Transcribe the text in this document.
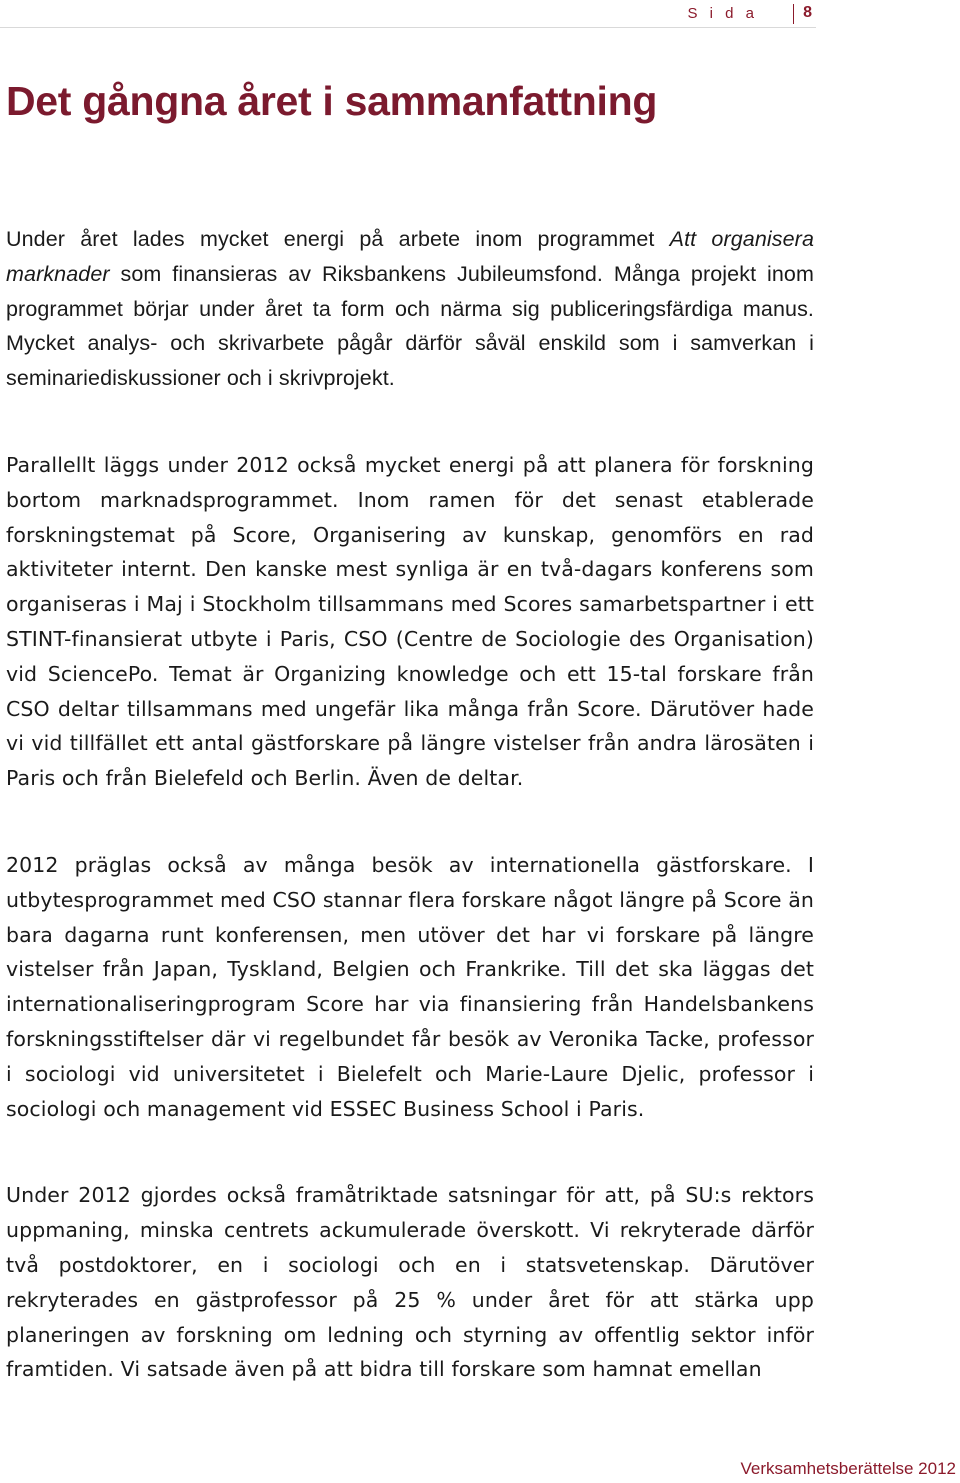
S i d a	8
Det gångna året i sammanfattning

Under året lades mycket energi på arbete inom programmet Att organisera marknader som finansieras av Riksbankens Jubileumsfond. Många projekt inom programmet börjar under året ta form och närma sig publiceringsfärdiga manus. Mycket analys- och skrivarbete pågår därför såväl enskild som i samverkan i seminariediskussioner och i skrivprojekt.

Parallellt läggs under 2012 också mycket energi på att planera för forskning bortom marknadsprogrammet. Inom ramen för det senast etablerade forskningstemat på Score, Organisering av kunskap, genomförs en rad aktiviteter internt. Den kanske mest synliga är en två-dagars konferens som organiseras i Maj i Stockholm tillsammans med Scores samarbetspartner i ett STINT-finansierat utbyte i Paris, CSO (Centre de Sociologie des Organisation) vid SciencePo. Temat är Organizing knowledge och ett 15-tal forskare från CSO deltar tillsammans med ungefär lika många från Score. Därutöver hade vi vid tillfället ett antal gästforskare på längre vistelser från andra lärosäten i Paris och från Bielefeld och Berlin. Även de deltar.

2012 präglas också av många besök av internationella gästforskare. I utbytesprogrammet med CSO stannar flera forskare något längre på Score än bara dagarna runt konferensen, men utöver det har vi forskare på längre vistelser från Japan, Tyskland, Belgien och Frankrike. Till det ska läggas det internationaliseringprogram Score har via finansiering från Handelsbankens forskningsstiftelser där vi regelbundet får besök av Veronika Tacke, professor i sociologi vid universitetet i Bielefelt och Marie-Laure Djelic, professor i sociologi och management vid ESSEC Business School i Paris.

Under 2012 gjordes också framåtriktade satsningar för att, på SU:s rektors uppmaning, minska centrets ackumulerade överskott. Vi rekryterade därför två postdoktorer, en i sociologi och en i statsvetenskap. Därutöver rekryterades en gästprofessor på 25 % under året för att stärka upp planeringen av forskning om ledning och styrning av offentlig sektor inför framtiden. Vi satsade även på att bidra till forskare som hamnat emellan

Verksamhetsberättelse 2012
